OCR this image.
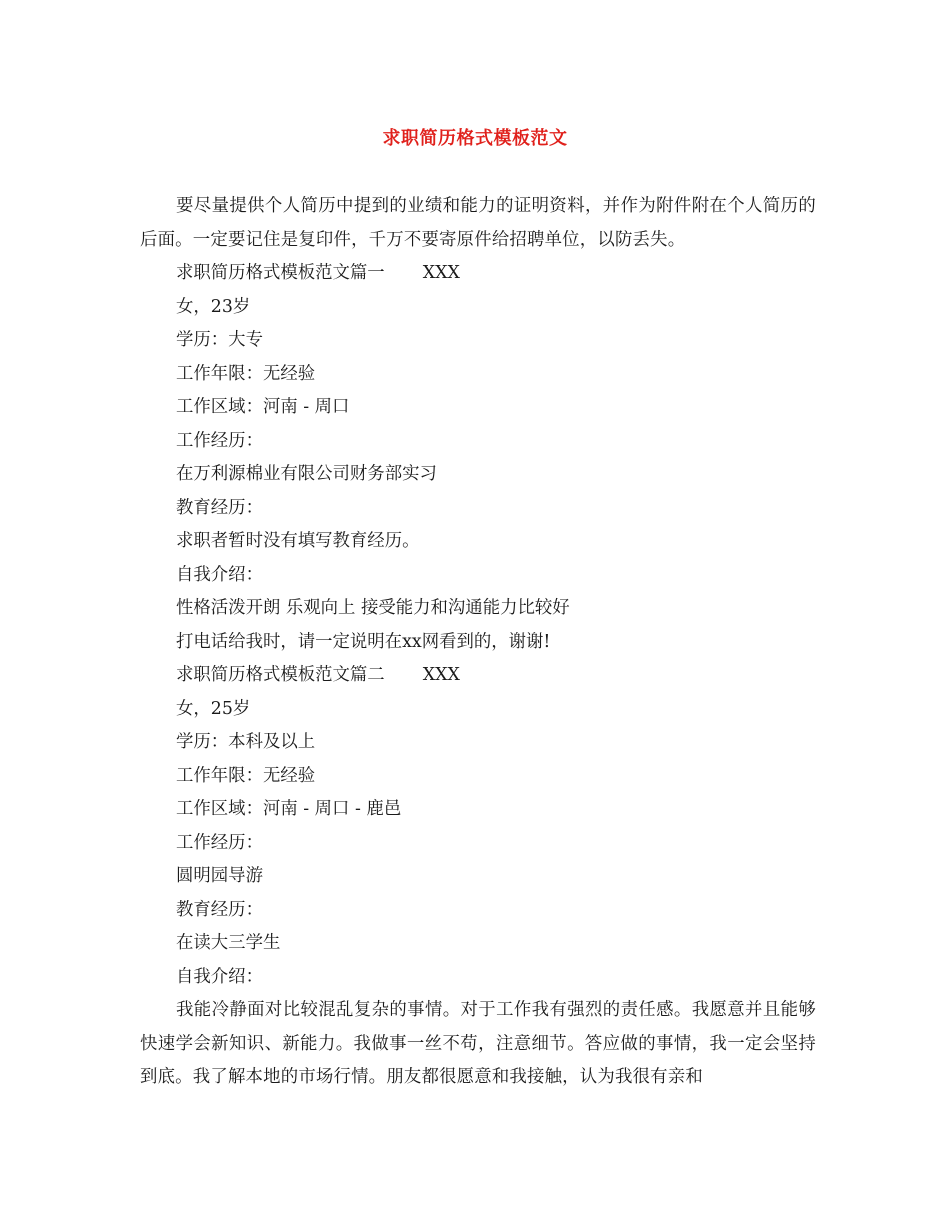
求职简历格式模板范文

要尽量提供个人简历中提到的业绩和能力的证明资料，并作为附件附在个人简历的后面。一定要记住是复印件，千万不要寄原件给招聘单位，以防丢失。

求职简历格式模板范文篇一 XXX

女，23岁

学历：大专

工作年限：无经验

工作区域：河南 - 周口

工作经历：

在万利源棉业有限公司财务部实习

教育经历：

求职者暂时没有填写教育经历。

自我介绍：

性格活泼开朗 乐观向上 接受能力和沟通能力比较好

打电话给我时，请一定说明在xx网看到的，谢谢!

求职简历格式模板范文篇二 XXX

女，25岁

学历：本科及以上

工作年限：无经验

工作区域：河南 - 周口 - 鹿邑

工作经历：

圆明园导游

教育经历：

在读大三学生

自我介绍：

我能冷静面对比较混乱复杂的事情。对于工作我有强烈的责任感。我愿意并且能够快速学会新知识、新能力。我做事一丝不苟，注意细节。答应做的事情，我一定会坚持到底。我了解本地的市场行情。朋友都很愿意和我接触，认为我很有亲和
